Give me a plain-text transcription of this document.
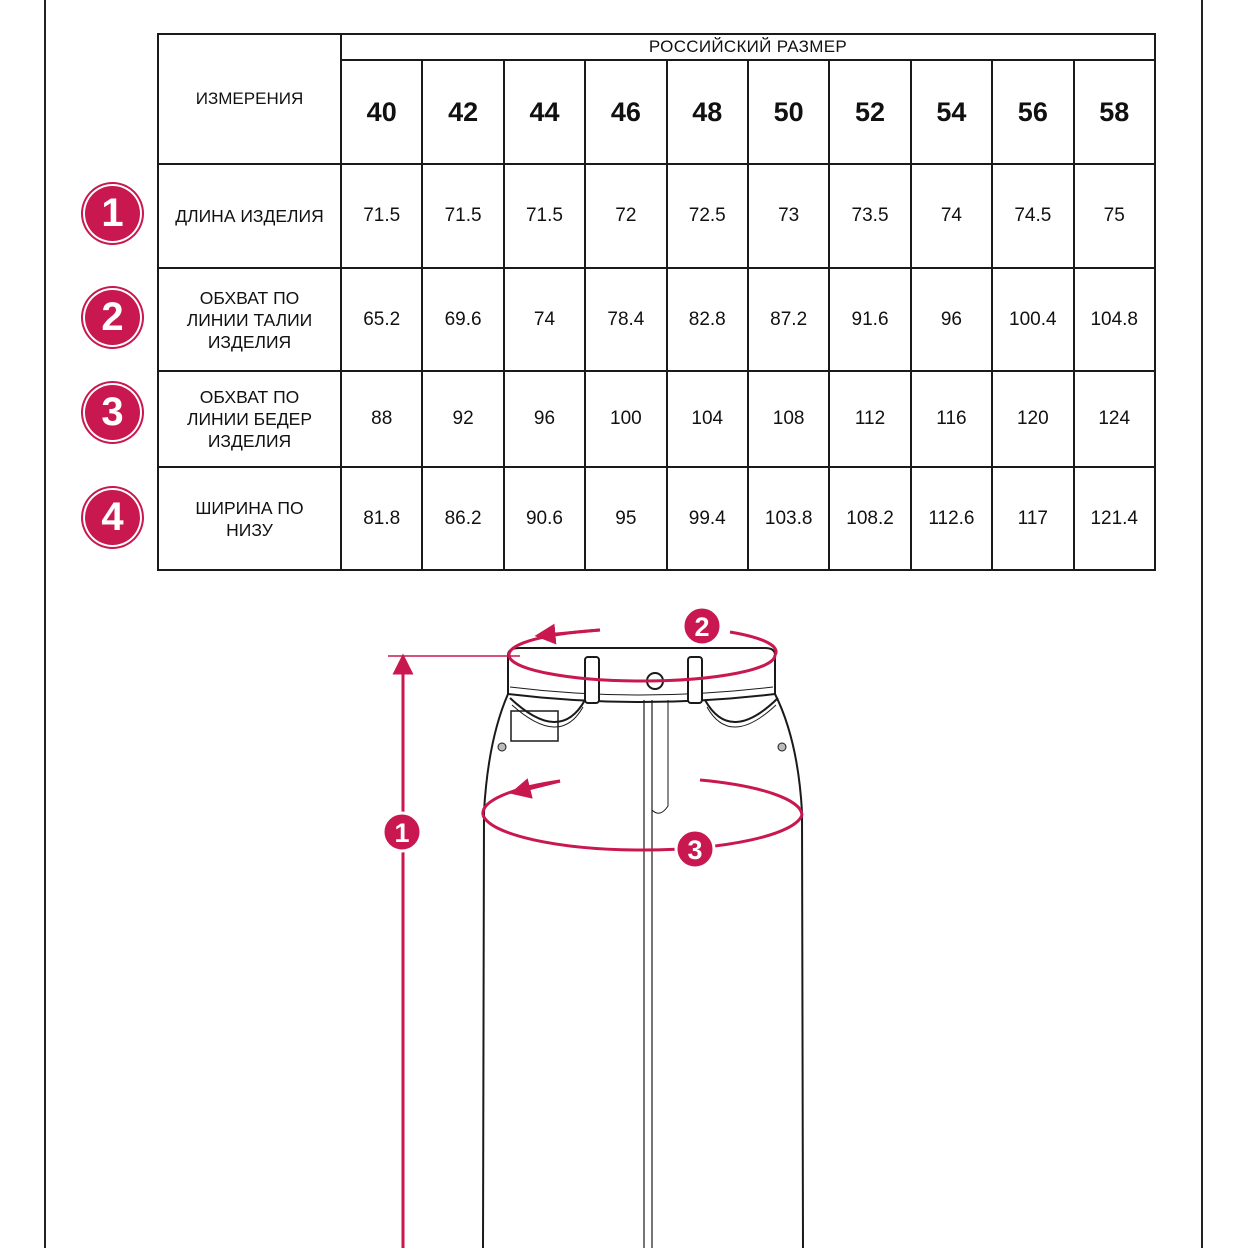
ИЗМЕРЕНИЯ	РОССИЙСКИЙ РАЗМЕР									
	40	42	44	46	48	50	52	54	56	58

ДЛИНА ИЗДЕЛИЯ	71.5	71.5	71.5	72	72.5	73	73.5	74	74.5	75

ОБХВАТ ПО
ЛИНИИ ТАЛИИ
ИЗДЕЛИЯ	65.2	69.6	74	78.4	82.8	87.2	91.6	96	100.4	104.8

ОБХВАТ ПО
ЛИНИИ БЕДЕР
ИЗДЕЛИЯ	88	92	96	100	104	108	112	116	120	124

ШИРИНА ПО
НИЗУ	81.8	86.2	90.6	95	99.4	103.8	108.2	112.6	117	121.4
1
2
3
4
1
2
3
